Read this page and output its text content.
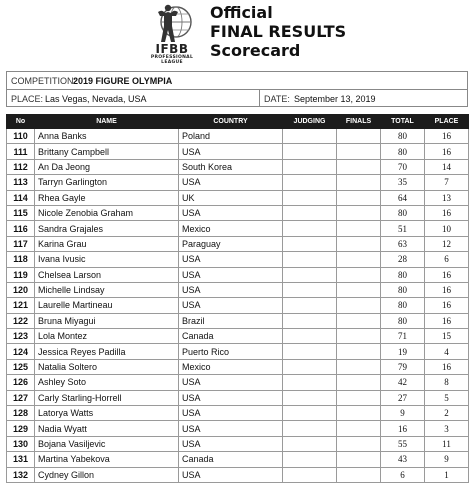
IFBB
PROFESSIONAL LEAGUE
Official
FINAL RESULTS
Scorecard
COMPETITION:
2019 FIGURE OLYMPIA
PLACE: Las Vegas, Nevada, USA	DATE: September 13, 2019
No	NAME	COUNTRY	JUDGING	FINALS	TOTAL	PLACE
110	Anna Banks	Poland			80	16
111	Brittany Campbell	USA			80	16
112	An Da Jeong	South Korea			70	14
113	Tarryn Garlington	USA			35	7
114	Rhea Gayle	UK			64	13
115	Nicole Zenobia Graham	USA			80	16
116	Sandra Grajales	Mexico			51	10
117	Karina Grau	Paraguay			63	12
118	Ivana Ivusic	USA			28	6
119	Chelsea Larson	USA			80	16
120	Michelle Lindsay	USA			80	16
121	Laurelle Martineau	USA			80	16
122	Bruna Miyagui	Brazil			80	16
123	Lola Montez	Canada			71	15
124	Jessica Reyes Padilla	Puerto Rico			19	4
125	Natalia Soltero	Mexico			79	16
126	Ashley Soto	USA			42	8
127	Carly Starling-Horrell	USA			27	5
128	Latorya Watts	USA			9	2
129	Nadia Wyatt	USA			16	3
130	Bojana Vasiljevic	USA			55	11
131	Martina Yabekova	Canada			43	9
132	Cydney Gillon	USA			6	1
